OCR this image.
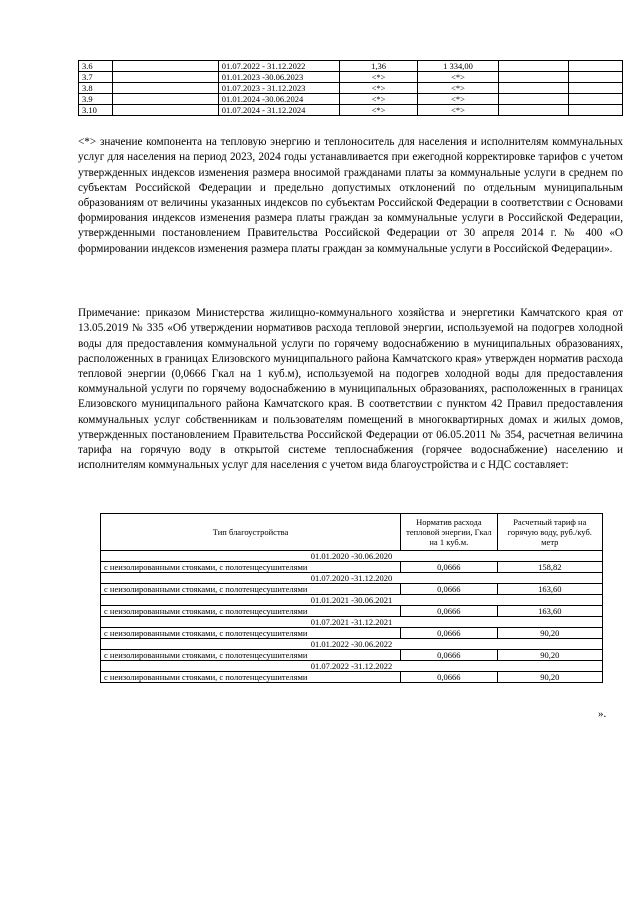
3.6		01.07.2022 - 31.12.2022	1,36	1 334,00		
3.7		01.01.2023 -30.06.2023	<*>	<*>		
3.8		01.07.2023 - 31.12.2023	<*>	<*>		
3.9		01.01.2024 -30.06.2024	<*>	<*>		
3.10		01.07.2024 - 31.12.2024	<*>	<*>		

<*> значение компонента на тепловую энергию и теплоноситель для населения и исполнителям коммунальных услуг для населения на период 2023, 2024 годы устанавливается при ежегодной корректировке тарифов с учетом утвержденных индексов изменения размера вносимой гражданами платы за коммунальные услуги в среднем по субъектам Российской Федерации и предельно допустимых отклонений по отдельным муниципальным образованиям от величины указанных индексов по субъектам Российской Федерации в соответствии с Основами формирования индексов изменения размера платы граждан за коммунальные услуги в Российской Федерации, утвержденными постановлением Правительства Российской Федерации от 30 апреля 2014 г. № 400 «О формировании индексов изменения размера платы граждан за коммунальные услуги в Российской Федерации».

Примечание: приказом Министерства жилищно-коммунального хозяйства и энергетики Камчатского края от 13.05.2019 № 335 «Об утверждении нормативов расхода тепловой энергии, используемой на подогрев холодной воды для предоставления коммунальной услуги по горячему водоснабжению в муниципальных образованиях, расположенных в границах Елизовского муниципального района Камчатского края» утвержден норматив расхода тепловой энергии (0,0666 Гкал на 1 куб.м), используемой на подогрев холодной воды для предоставления коммунальной услуги по горячему водоснабжению в муниципальных образованиях, расположенных в границах Елизовского муниципального района Камчатского края. В соответствии с пунктом 42 Правил предоставления коммунальных услуг собственникам и пользователям помещений в многоквартирных домах и жилых домов, утвержденных постановлением Правительства Российской Федерации от 06.05.2011 № 354, расчетная величина тарифа на горячую воду в открытой системе теплоснабжения (горячее водоснабжение) населению и исполнителям коммунальных услуг для населения с учетом вида благоустройства и с НДС составляет:

Тип благоустройства	Норматив расхода тепловой энергии, Гкал на 1 куб.м.	Расчетный тариф на горячую воду, руб./куб. метр
01.01.2020 -30.06.2020		
с неизолированными стояками, с полотенцесушителями	0,0666	158,82
01.07.2020 -31.12.2020		
с неизолированными стояками, с полотенцесушителями	0,0666	163,60
01.01.2021 -30.06.2021		
с неизолированными стояками, с полотенцесушителями	0,0666	163,60
01.07.2021 -31.12.2021		
с неизолированными стояками, с полотенцесушителями	0,0666	90,20
01.01.2022 -30.06.2022		
с неизолированными стояками, с полотенцесушителями	0,0666	90,20
01.07.2022 -31.12.2022		
с неизолированными стояками, с полотенцесушителями	0,0666	90,20
».
